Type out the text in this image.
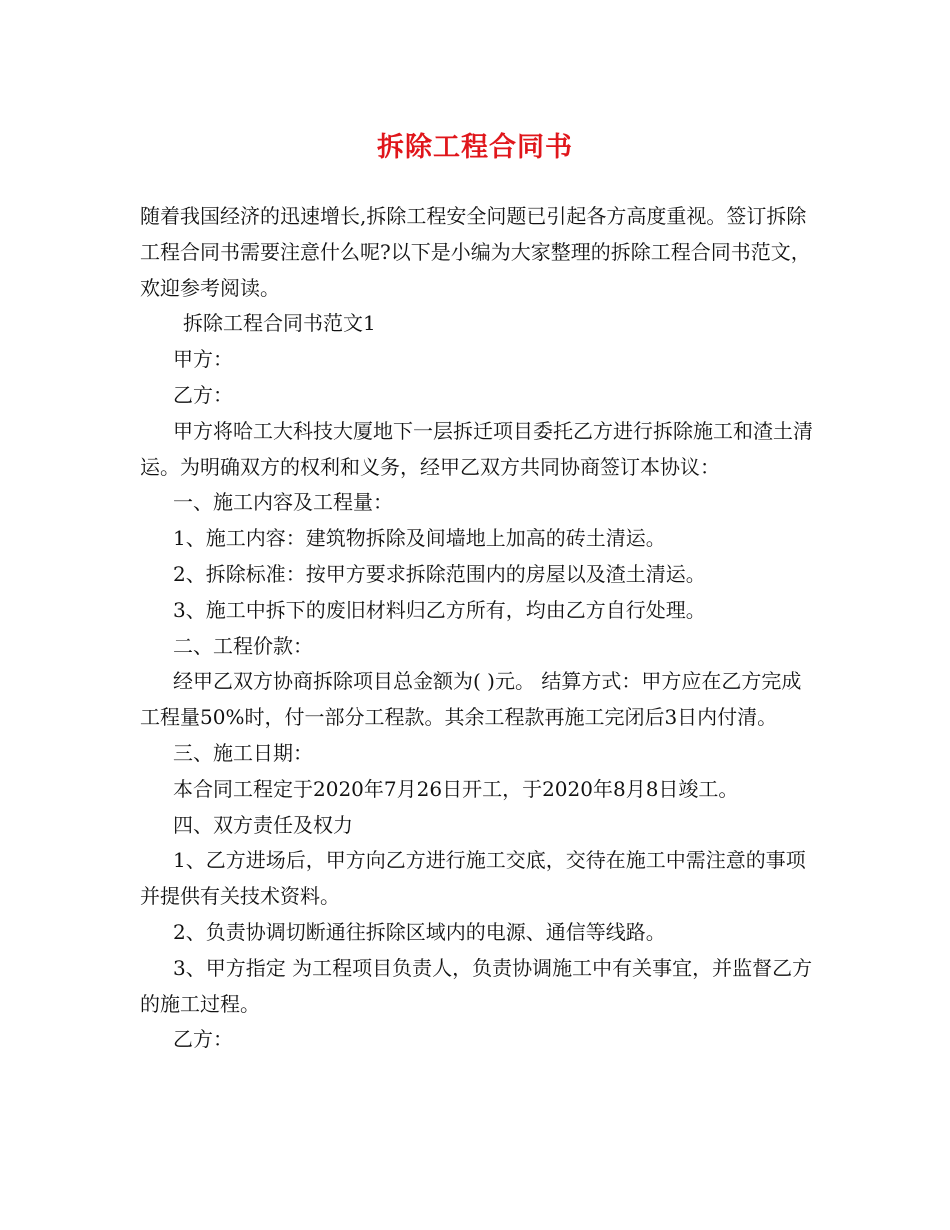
拆除工程合同书

随着我国经济的迅速增长,拆除工程安全问题已引起各方高度重视。签订拆除工程合同书需要注意什么呢?以下是小编为大家整理的拆除工程合同书范文，欢迎参考阅读。

拆除工程合同书范文1

甲方：

乙方：

甲方将哈工大科技大厦地下一层拆迁项目委托乙方进行拆除施工和渣土清运。为明确双方的权利和义务，经甲乙双方共同协商签订本协议：

一、施工内容及工程量：

1、施工内容：建筑物拆除及间墙地上加高的砖土清运。

2、拆除标准：按甲方要求拆除范围内的房屋以及渣土清运。

3、施工中拆下的废旧材料归乙方所有，均由乙方自行处理。

二、工程价款：

经甲乙双方协商拆除项目总金额为( )元。 结算方式：甲方应在乙方完成工程量50%时，付一部分工程款。其余工程款再施工完闭后3日内付清。

三、施工日期：

本合同工程定于2020年7月26日开工，于2020年8月8日竣工。

四、双方责任及权力

1、乙方进场后，甲方向乙方进行施工交底，交待在施工中需注意的事项并提供有关技术资料。

2、负责协调切断通往拆除区域内的电源、通信等线路。

3、甲方指定 为工程项目负责人，负责协调施工中有关事宜，并监督乙方的施工过程。

乙方：
